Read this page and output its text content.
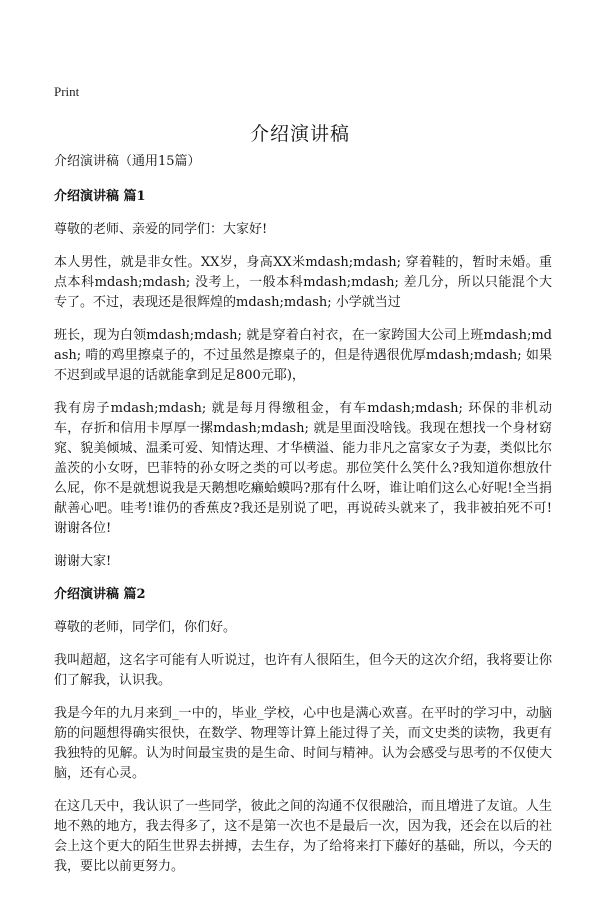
Print
介绍演讲稿

介绍演讲稿（通用15篇）

介绍演讲稿 篇1

尊敬的老师、亲爱的同学们：大家好!

本人男性，就是非女性。XX岁，身高XX米mdash;mdash; 穿着鞋的，暂时未婚。重点本科mdash;mdash; 没考上，一般本科mdash;mdash; 差几分，所以只能混个大专了。不过，表现还是很辉煌的mdash;mdash; 小学就当过

班长，现为白领mdash;mdash; 就是穿着白衬衣，在一家跨国大公司上班mdash;mdash; 啃的鸡里擦桌子的，不过虽然是擦桌子的，但是待遇很优厚mdash;mdash; 如果不迟到或早退的话就能拿到足足800元耶)，

我有房子mdash;mdash; 就是每月得缴租金，有车mdash;mdash; 环保的非机动车，存折和信用卡厚厚一摞mdash;mdash; 就是里面没啥钱。我现在想找一个身材窈窕、貌美倾城、温柔可爱、知情达理、才华横溢、能力非凡之富家女子为妻，类似比尔盖茨的小女呀，巴菲特的孙女呀之类的可以考虑。那位笑什么笑什么?我知道你想放什么屁，你不是就想说我是天鹅想吃癞蛤蟆吗?那有什么呀，谁让咱们这么心好呢!全当捐献善心吧。哇考!谁仍的香蕉皮?我还是别说了吧，再说砖头就来了，我非被拍死不可!谢谢各位!

谢谢大家!

介绍演讲稿 篇2

尊敬的老师，同学们，你们好。

我叫超超，这名字可能有人听说过，也许有人很陌生，但今天的这次介绍，我将要让你们了解我，认识我。

我是今年的九月来到_一中的，毕业_学校，心中也是满心欢喜。在平时的学习中，动脑筋的问题想得确实很快，在数学、物理等计算上能过得了关，而文史类的读物，我更有我独特的见解。认为时间最宝贵的是生命、时间与精神。认为会感受与思考的不仅使大脑，还有心灵。

在这几天中，我认识了一些同学，彼此之间的沟通不仅很融洽，而且增进了友谊。人生地不熟的地方，我去得多了，这不是第一次也不是最后一次，因为我，还会在以后的社会上这个更大的陌生世界去拼搏，去生存，为了给将来打下藤好的基础，所以，今天的我，要比以前更努力。
